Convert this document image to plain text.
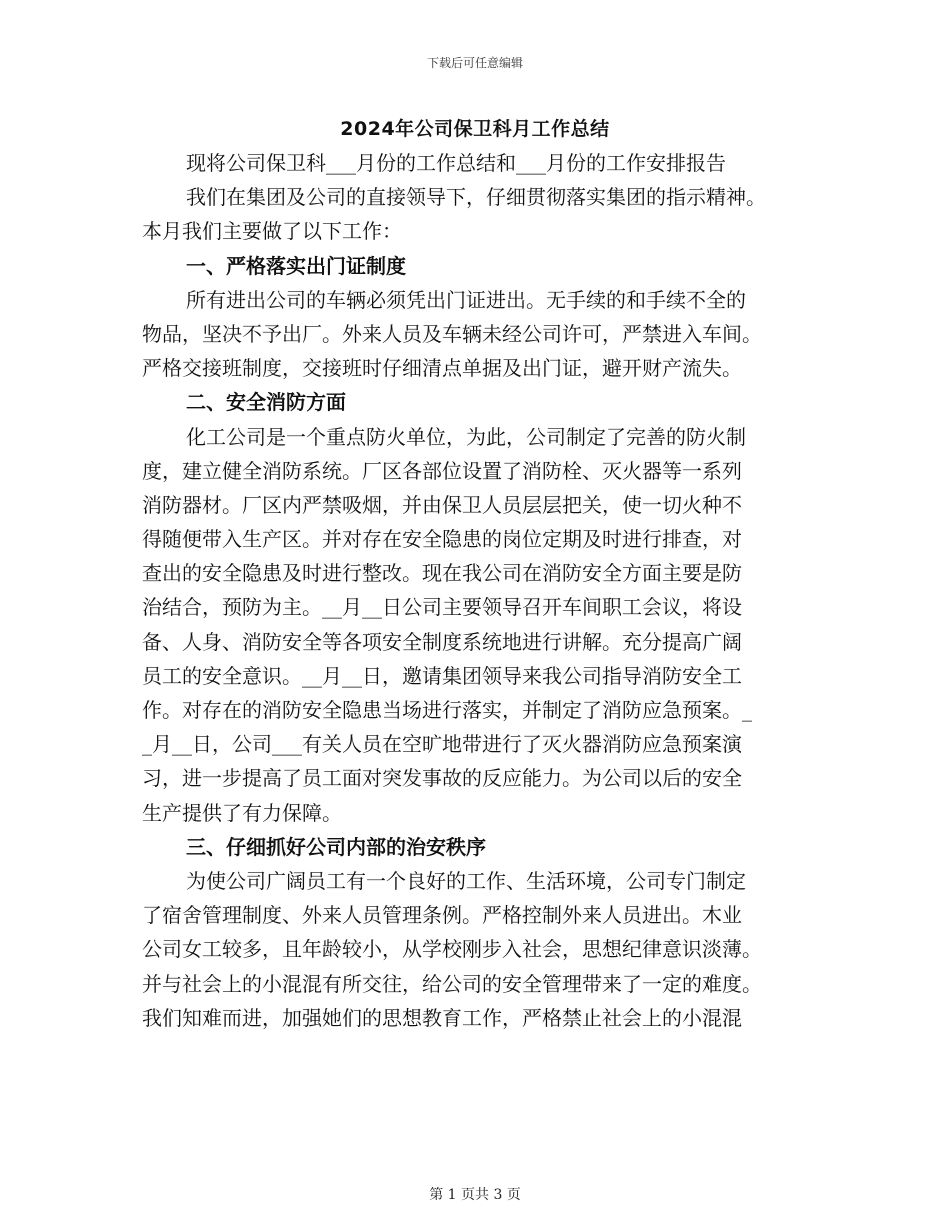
下载后可任意编辑
2024年公司保卫科月工作总结
现将公司保卫科___月份的工作总结和___月份的工作安排报告
我们在集团及公司的直接领导下，仔细贯彻落实集团的指示精神。
本月我们主要做了以下工作：
一、严格落实出门证制度
所有进出公司的车辆必须凭出门证进出。无手续的和手续不全的
物品，坚决不予出厂。外来人员及车辆未经公司许可，严禁进入车间。
严格交接班制度，交接班时仔细清点单据及出门证，避开财产流失。
二、安全消防方面
化工公司是一个重点防火单位，为此，公司制定了完善的防火制
度，建立健全消防系统。厂区各部位设置了消防栓、灭火器等一系列
消防器材。厂区内严禁吸烟，并由保卫人员层层把关，使一切火种不
得随便带入生产区。并对存在安全隐患的岗位定期及时进行排查，对
查出的安全隐患及时进行整改。现在我公司在消防安全方面主要是防
治结合，预防为主。__月__日公司主要领导召开车间职工会议，将设
备、人身、消防安全等各项安全制度系统地进行讲解。充分提高广阔
员工的安全意识。__月__日，邀请集团领导来我公司指导消防安全工
作。对存在的消防安全隐患当场进行落实，并制定了消防应急预案。_
_月__日，公司___有关人员在空旷地带进行了灭火器消防应急预案演
习，进一步提高了员工面对突发事故的反应能力。为公司以后的安全
生产提供了有力保障。
三、仔细抓好公司内部的治安秩序
为使公司广阔员工有一个良好的工作、生活环境，公司专门制定
了宿舍管理制度、外来人员管理条例。严格控制外来人员进出。木业
公司女工较多，且年龄较小，从学校刚步入社会，思想纪律意识淡薄。
并与社会上的小混混有所交往，给公司的安全管理带来了一定的难度。
我们知难而进，加强她们的思想教育工作，严格禁止社会上的小混混
第 1 页共 3 页
